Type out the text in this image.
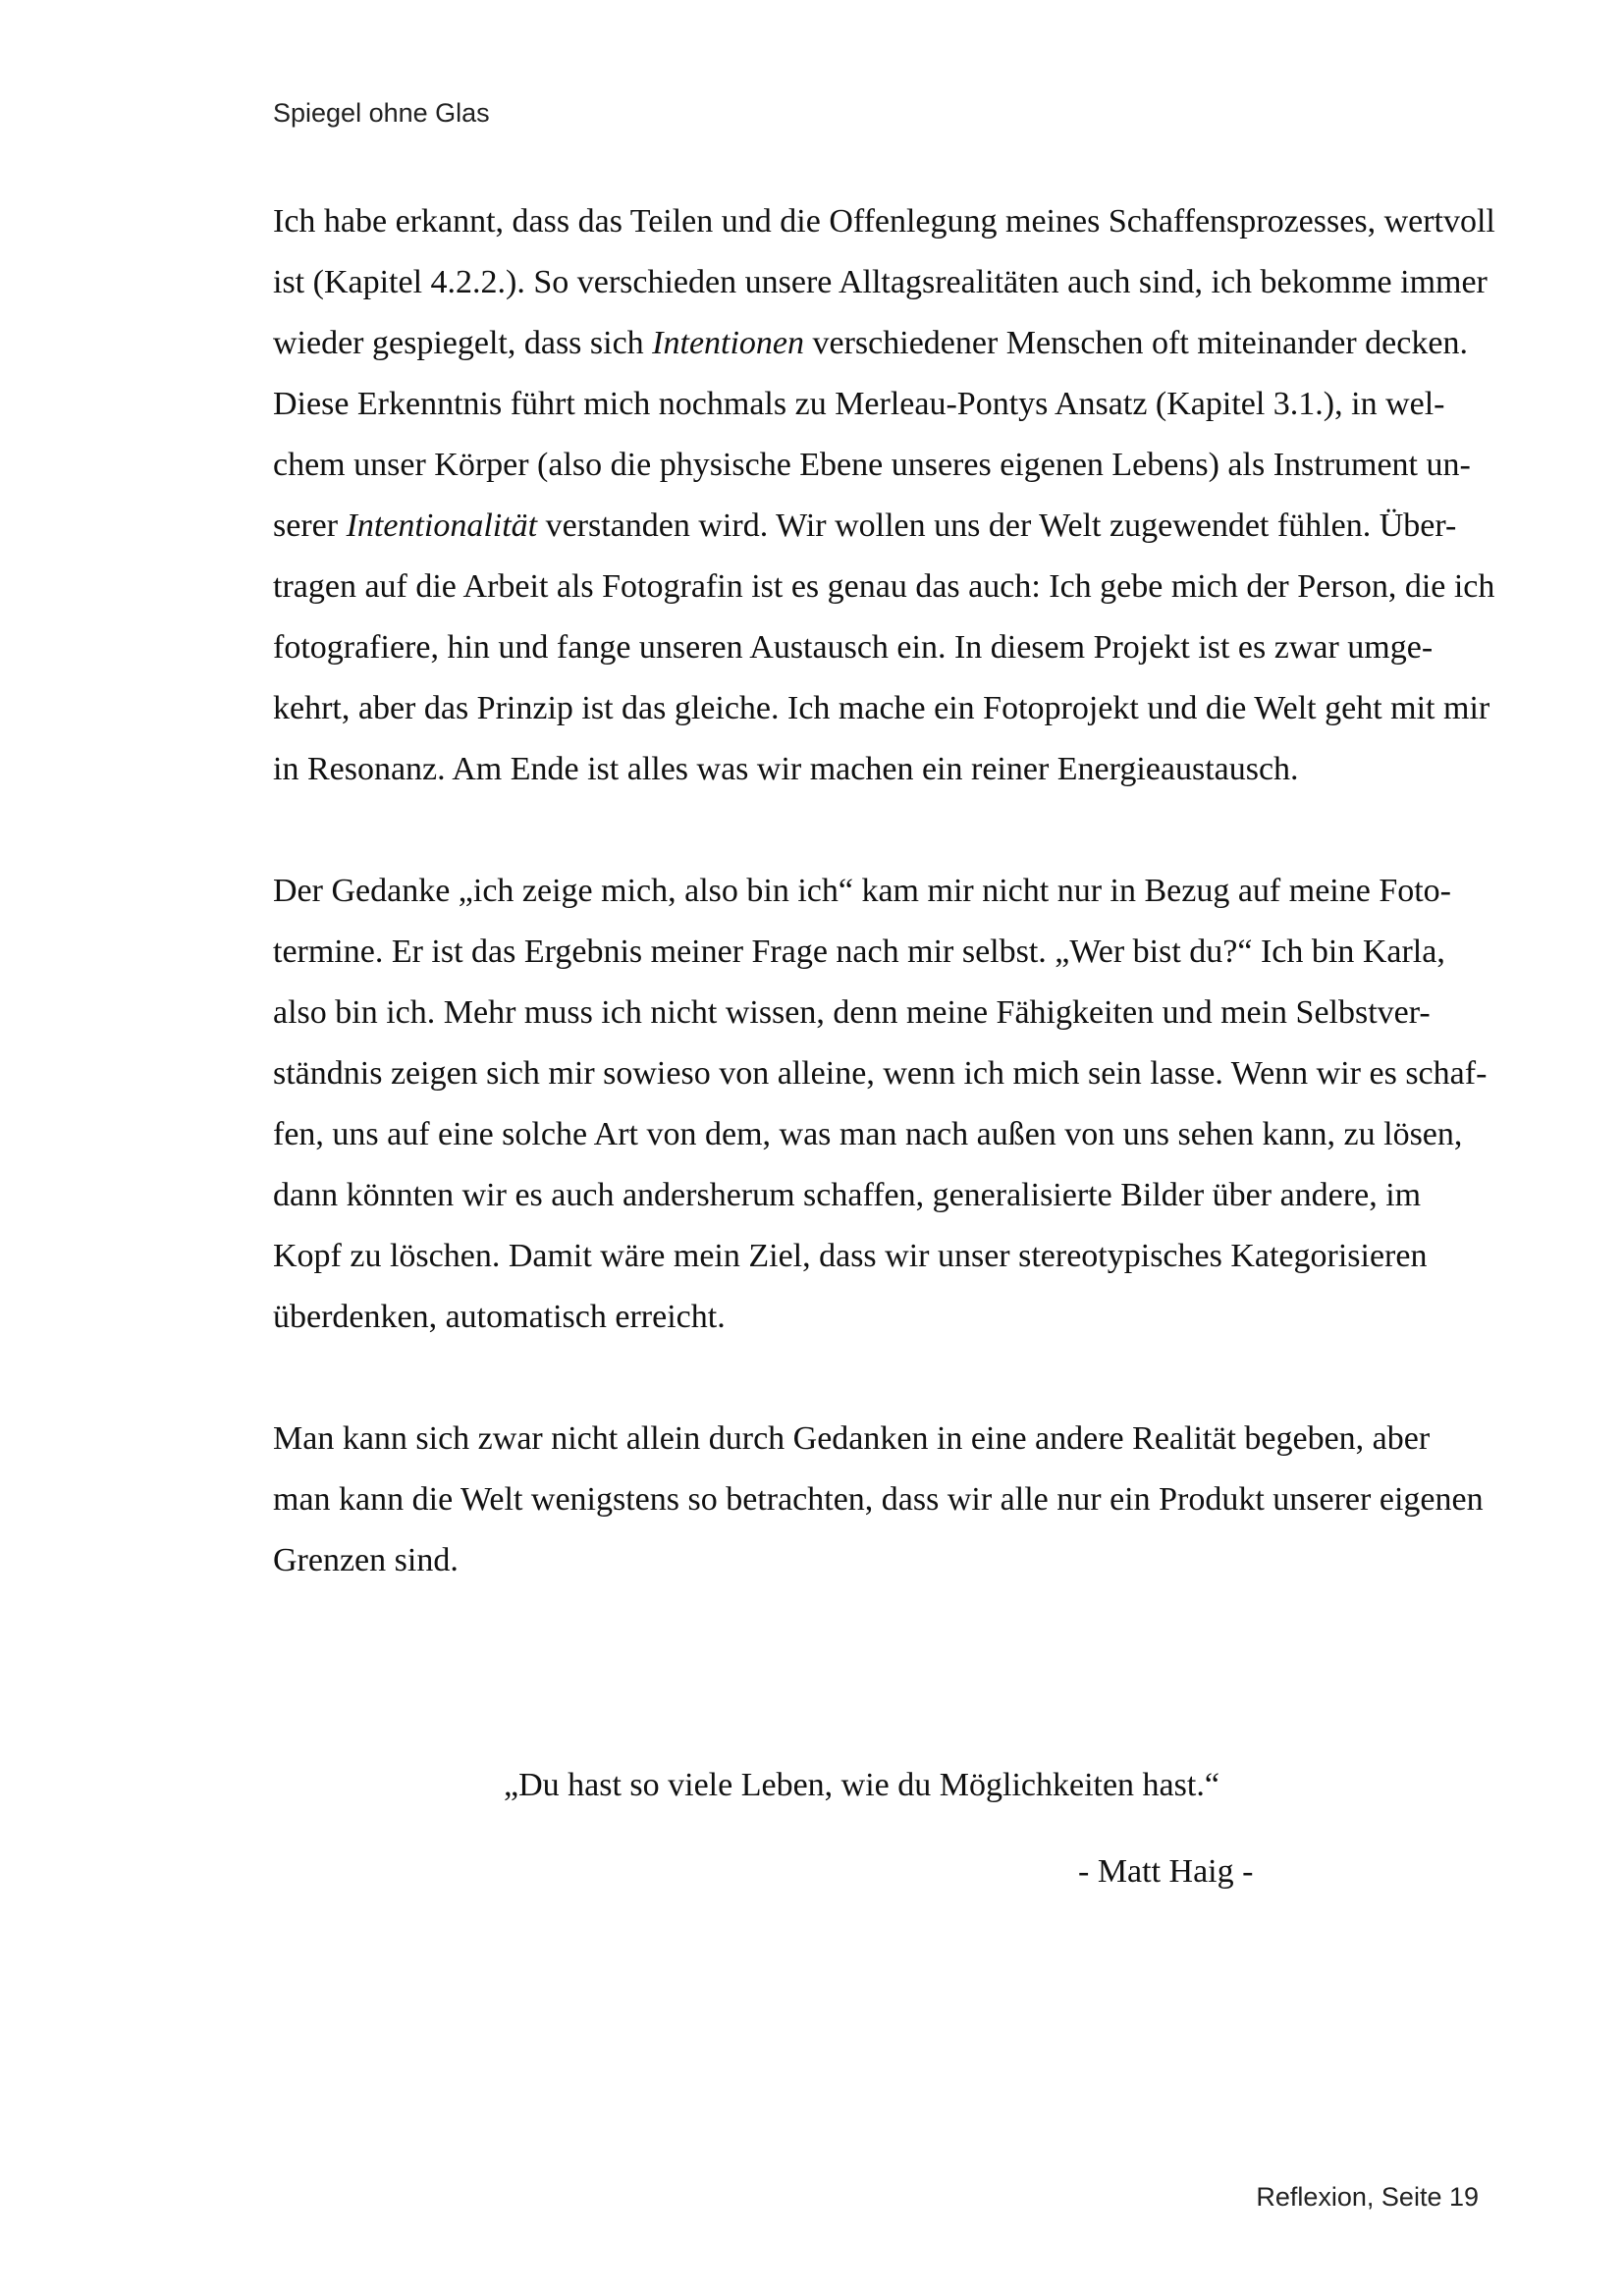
Spiegel ohne Glas
Ich habe erkannt, dass das Teilen und die Offenlegung meines Schaffensprozesses, wertvoll
ist (Kapitel 4.2.2.). So verschieden unsere Alltagsrealitäten auch sind, ich bekomme immer
wieder gespiegelt, dass sich Intentionen verschiedener Menschen oft miteinander decken.
Diese Erkenntnis führt mich nochmals zu Merleau-Pontys Ansatz (Kapitel 3.1.), in wel-
chem unser Körper (also die physische Ebene unseres eigenen Lebens) als Instrument un-
serer Intentionalität verstanden wird. Wir wollen uns der Welt zugewendet fühlen. Über-
tragen auf die Arbeit als Fotografin ist es genau das auch: Ich gebe mich der Person, die ich
fotografiere, hin und fange unseren Austausch ein. In diesem Projekt ist es zwar umge-
kehrt, aber das Prinzip ist das gleiche. Ich mache ein Fotoprojekt und die Welt geht mit mir
in Resonanz. Am Ende ist alles was wir machen ein reiner Energieaustausch.
Der Gedanke „ich zeige mich, also bin ich“ kam mir nicht nur in Bezug auf meine Foto-
termine. Er ist das Ergebnis meiner Frage nach mir selbst. „Wer bist du?“ Ich bin Karla,
also bin ich. Mehr muss ich nicht wissen, denn meine Fähigkeiten und mein Selbstver-
ständnis zeigen sich mir sowieso von alleine, wenn ich mich sein lasse. Wenn wir es schaf-
fen, uns auf eine solche Art von dem, was man nach außen von uns sehen kann, zu lösen,
dann könnten wir es auch andersherum schaffen, generalisierte Bilder über andere, im
Kopf zu löschen. Damit wäre mein Ziel, dass wir unser stereotypisches Kategorisieren
überdenken, automatisch erreicht.
Man kann sich zwar nicht allein durch Gedanken in eine andere Realität begeben, aber
man kann die Welt wenigstens so betrachten, dass wir alle nur ein Produkt unserer eigenen
Grenzen sind.
„Du hast so viele Leben, wie du Möglichkeiten hast.“
- Matt Haig -
Reflexion, Seite 19
